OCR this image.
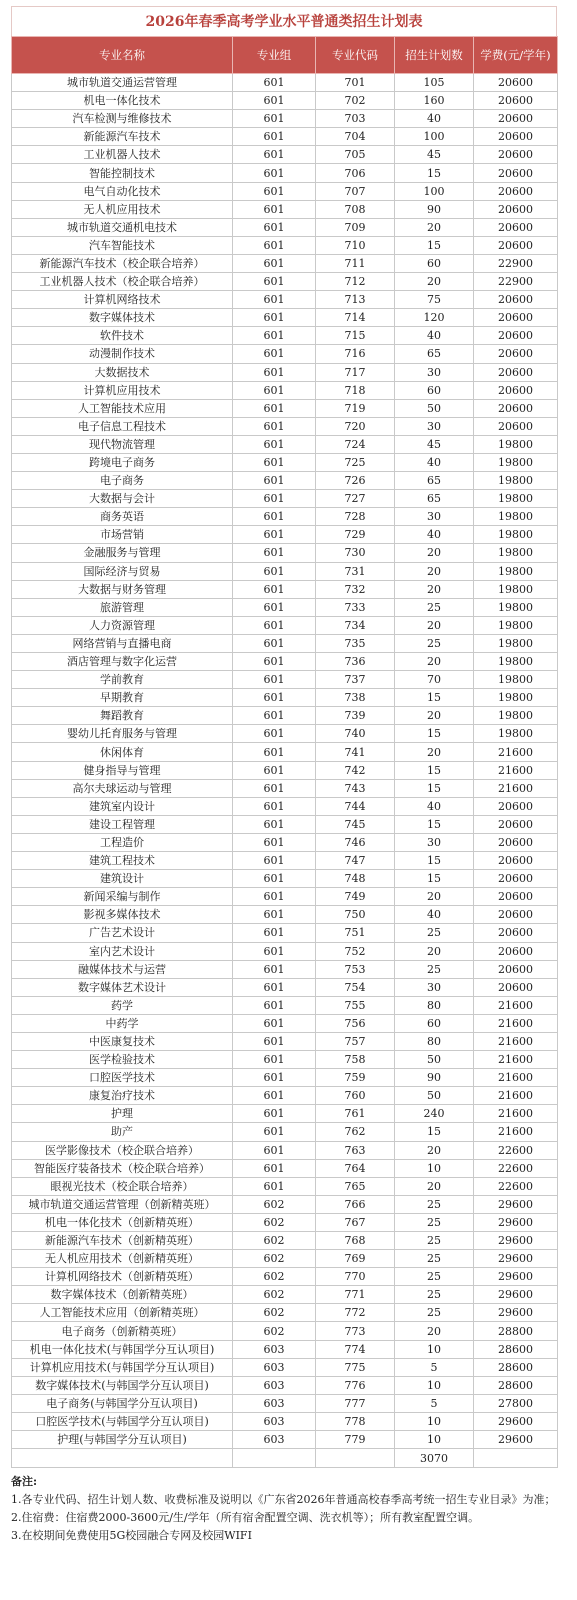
2026年春季高考学业水平普通类招生计划表
专业名称	专业组	专业代码	招生计划数	学费(元/学年)
城市轨道交通运营管理	601	701	105	20600
机电一体化技术	601	702	160	20600
汽车检测与维修技术	601	703	40	20600
新能源汽车技术	601	704	100	20600
工业机器人技术	601	705	45	20600
智能控制技术	601	706	15	20600
电气自动化技术	601	707	100	20600
无人机应用技术	601	708	90	20600
城市轨道交通机电技术	601	709	20	20600
汽车智能技术	601	710	15	20600
新能源汽车技术（校企联合培养）	601	711	60	22900
工业机器人技术（校企联合培养）	601	712	20	22900
计算机网络技术	601	713	75	20600
数字媒体技术	601	714	120	20600
软件技术	601	715	40	20600
动漫制作技术	601	716	65	20600
大数据技术	601	717	30	20600
计算机应用技术	601	718	60	20600
人工智能技术应用	601	719	50	20600
电子信息工程技术	601	720	30	20600
现代物流管理	601	724	45	19800
跨境电子商务	601	725	40	19800
电子商务	601	726	65	19800
大数据与会计	601	727	65	19800
商务英语	601	728	30	19800
市场营销	601	729	40	19800
金融服务与管理	601	730	20	19800
国际经济与贸易	601	731	20	19800
大数据与财务管理	601	732	20	19800
旅游管理	601	733	25	19800
人力资源管理	601	734	20	19800
网络营销与直播电商	601	735	25	19800
酒店管理与数字化运营	601	736	20	19800
学前教育	601	737	70	19800
早期教育	601	738	15	19800
舞蹈教育	601	739	20	19800
婴幼儿托育服务与管理	601	740	15	19800
休闲体育	601	741	20	21600
健身指导与管理	601	742	15	21600
高尔夫球运动与管理	601	743	15	21600
建筑室内设计	601	744	40	20600
建设工程管理	601	745	15	20600
工程造价	601	746	30	20600
建筑工程技术	601	747	15	20600
建筑设计	601	748	15	20600
新闻采编与制作	601	749	20	20600
影视多媒体技术	601	750	40	20600
广告艺术设计	601	751	25	20600
室内艺术设计	601	752	20	20600
融媒体技术与运营	601	753	25	20600
数字媒体艺术设计	601	754	30	20600
药学	601	755	80	21600
中药学	601	756	60	21600
中医康复技术	601	757	80	21600
医学检验技术	601	758	50	21600
口腔医学技术	601	759	90	21600
康复治疗技术	601	760	50	21600
护理	601	761	240	21600
助产	601	762	15	21600
医学影像技术（校企联合培养）	601	763	20	22600
智能医疗装备技术（校企联合培养）	601	764	10	22600
眼视光技术（校企联合培养）	601	765	20	22600
城市轨道交通运营管理（创新精英班）	602	766	25	29600
机电一体化技术（创新精英班）	602	767	25	29600
新能源汽车技术（创新精英班）	602	768	25	29600
无人机应用技术（创新精英班）	602	769	25	29600
计算机网络技术（创新精英班）	602	770	25	29600
数字媒体技术（创新精英班）	602	771	25	29600
人工智能技术应用（创新精英班）	602	772	25	29600
电子商务（创新精英班）	602	773	20	28800
机电一体化技术(与韩国学分互认项目)	603	774	10	28600
计算机应用技术(与韩国学分互认项目)	603	775	5	28600
数字媒体技术(与韩国学分互认项目)	603	776	10	28600
电子商务(与韩国学分互认项目)	603	777	5	27800
口腔医学技术(与韩国学分互认项目)	603	778	10	29600
护理(与韩国学分互认项目)	603	779	10	29600
			3070	

备注:

1.各专业代码、招生计划人数、收费标准及说明以《广东省2026年普通高校春季高考统一招生专业目录》为准；

2.住宿费：住宿费2000-3600元/生/学年（所有宿舍配置空调、洗衣机等）；所有教室配置空调。

3.在校期间免费使用5G校园融合专网及校园WIFI
